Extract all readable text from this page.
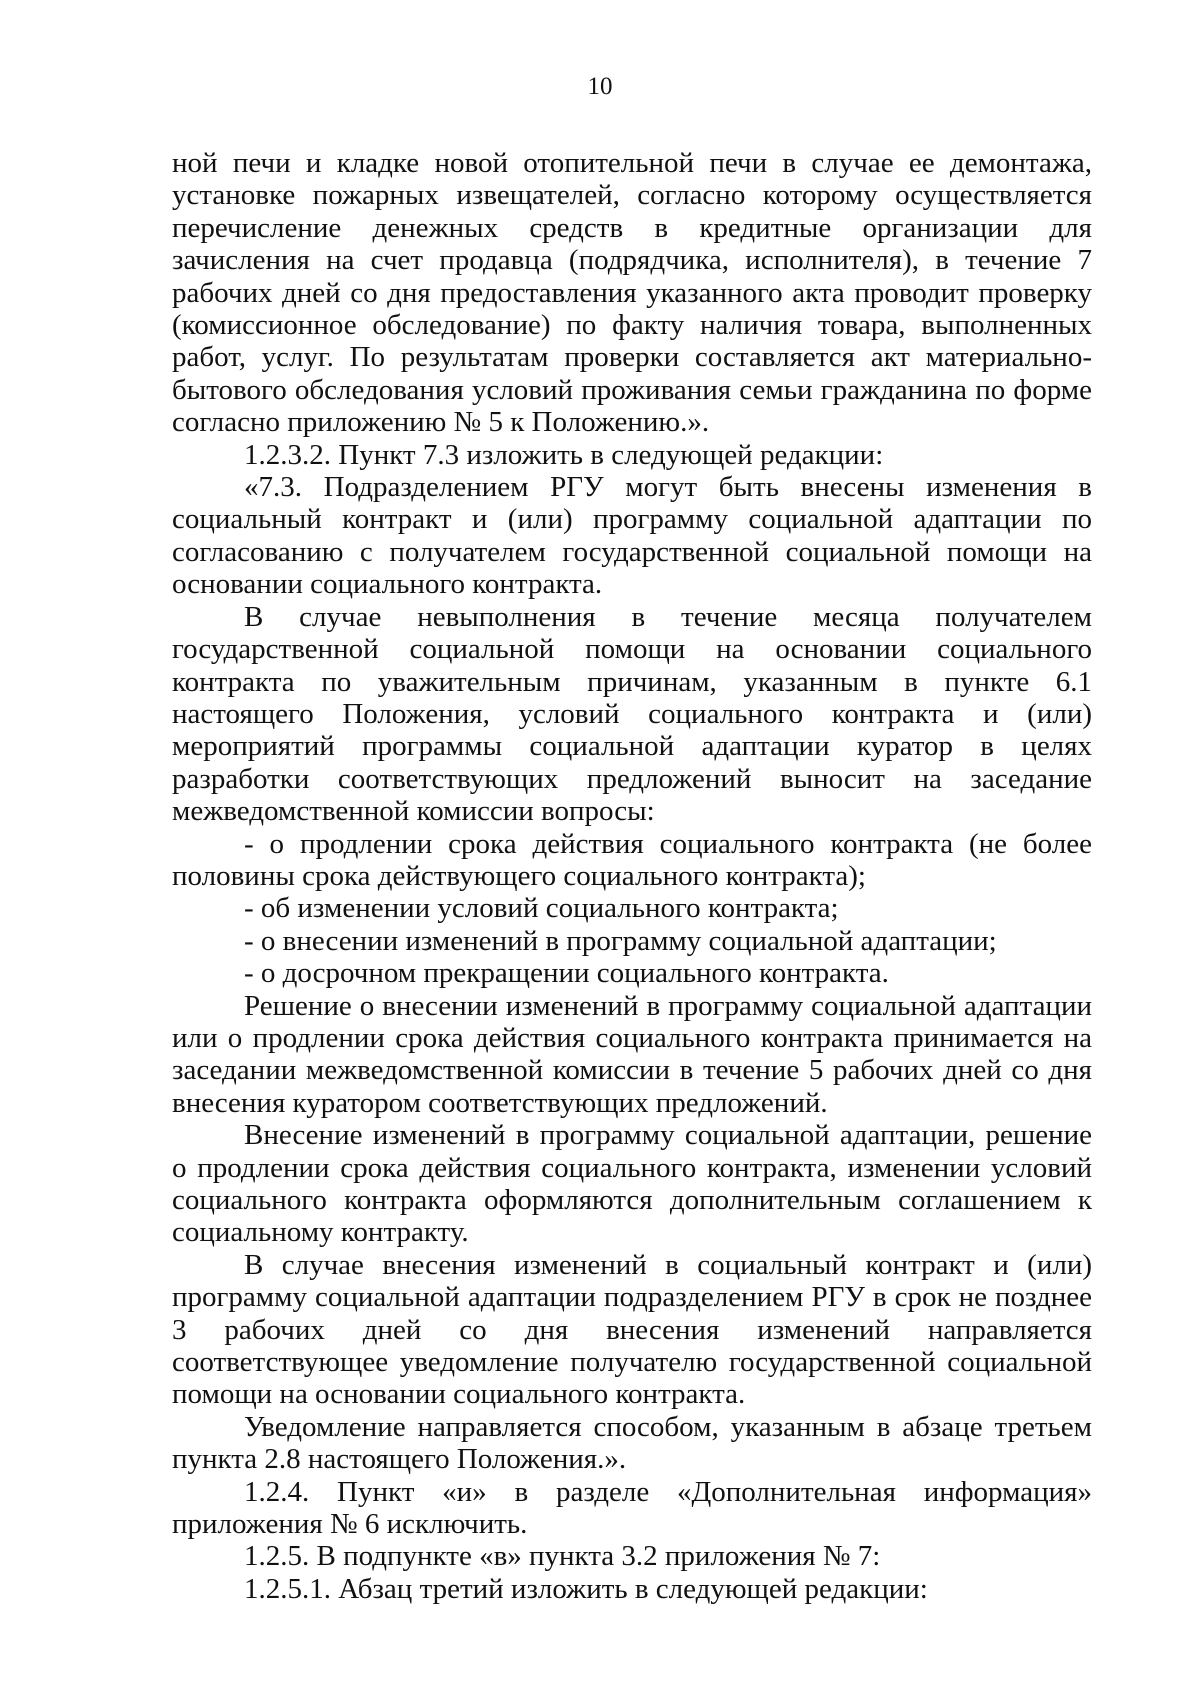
10

ной печи и кладке новой отопительной печи в случае ее демонтажа, установке пожарных извещателей, согласно которому осуществляется перечисление денежных средств в кредитные организации для зачисления на счет продавца (подрядчика, исполнителя), в течение 7 рабочих дней со дня предоставления указанного акта проводит проверку (комиссионное обследование) по факту наличия товара, выполненных работ, услуг. По результатам проверки составляется акт материально-бытового обследования условий проживания семьи гражданина по форме согласно приложению № 5 к Положению.».

1.2.3.2. Пункт 7.3 изложить в следующей редакции:

«7.3. Подразделением РГУ могут быть внесены изменения в социальный контракт и (или) программу социальной адаптации по согласованию с получателем государственной социальной помощи на основании социального контракта.

В случае невыполнения в течение месяца получателем государственной социальной помощи на основании социального контракта по уважительным причинам, указанным в пункте 6.1 настоящего Положения, условий социального контракта и (или) мероприятий программы социальной адаптации куратор в целях разработки соответствующих предложений выносит на заседание межведомственной комиссии вопросы:

- о продлении срока действия социального контракта (не более половины срока действующего социального контракта);

- об изменении условий социального контракта;

- о внесении изменений в программу социальной адаптации;

- о досрочном прекращении социального контракта.

Решение о внесении изменений в программу социальной адаптации или о продлении срока действия социального контракта принимается на заседании межведомственной комиссии в течение 5 рабочих дней со дня внесения куратором соответствующих предложений.

Внесение изменений в программу социальной адаптации, решение о продлении срока действия социального контракта, изменении условий социального контракта оформляются дополнительным соглашением к социальному контракту.

В случае внесения изменений в социальный контракт и (или) программу социальной адаптации подразделением РГУ в срок не позднее 3 рабочих дней со дня внесения изменений направляется соответствующее уведомление получателю государственной социальной помощи на основании социального контракта.

Уведомление направляется способом, указанным в абзаце третьем пункта 2.8 настоящего Положения.».

1.2.4. Пункт «и» в разделе «Дополнительная информация» приложения № 6 исключить.

1.2.5. В подпункте «в» пункта 3.2 приложения № 7:

1.2.5.1. Абзац третий изложить в следующей редакции:
